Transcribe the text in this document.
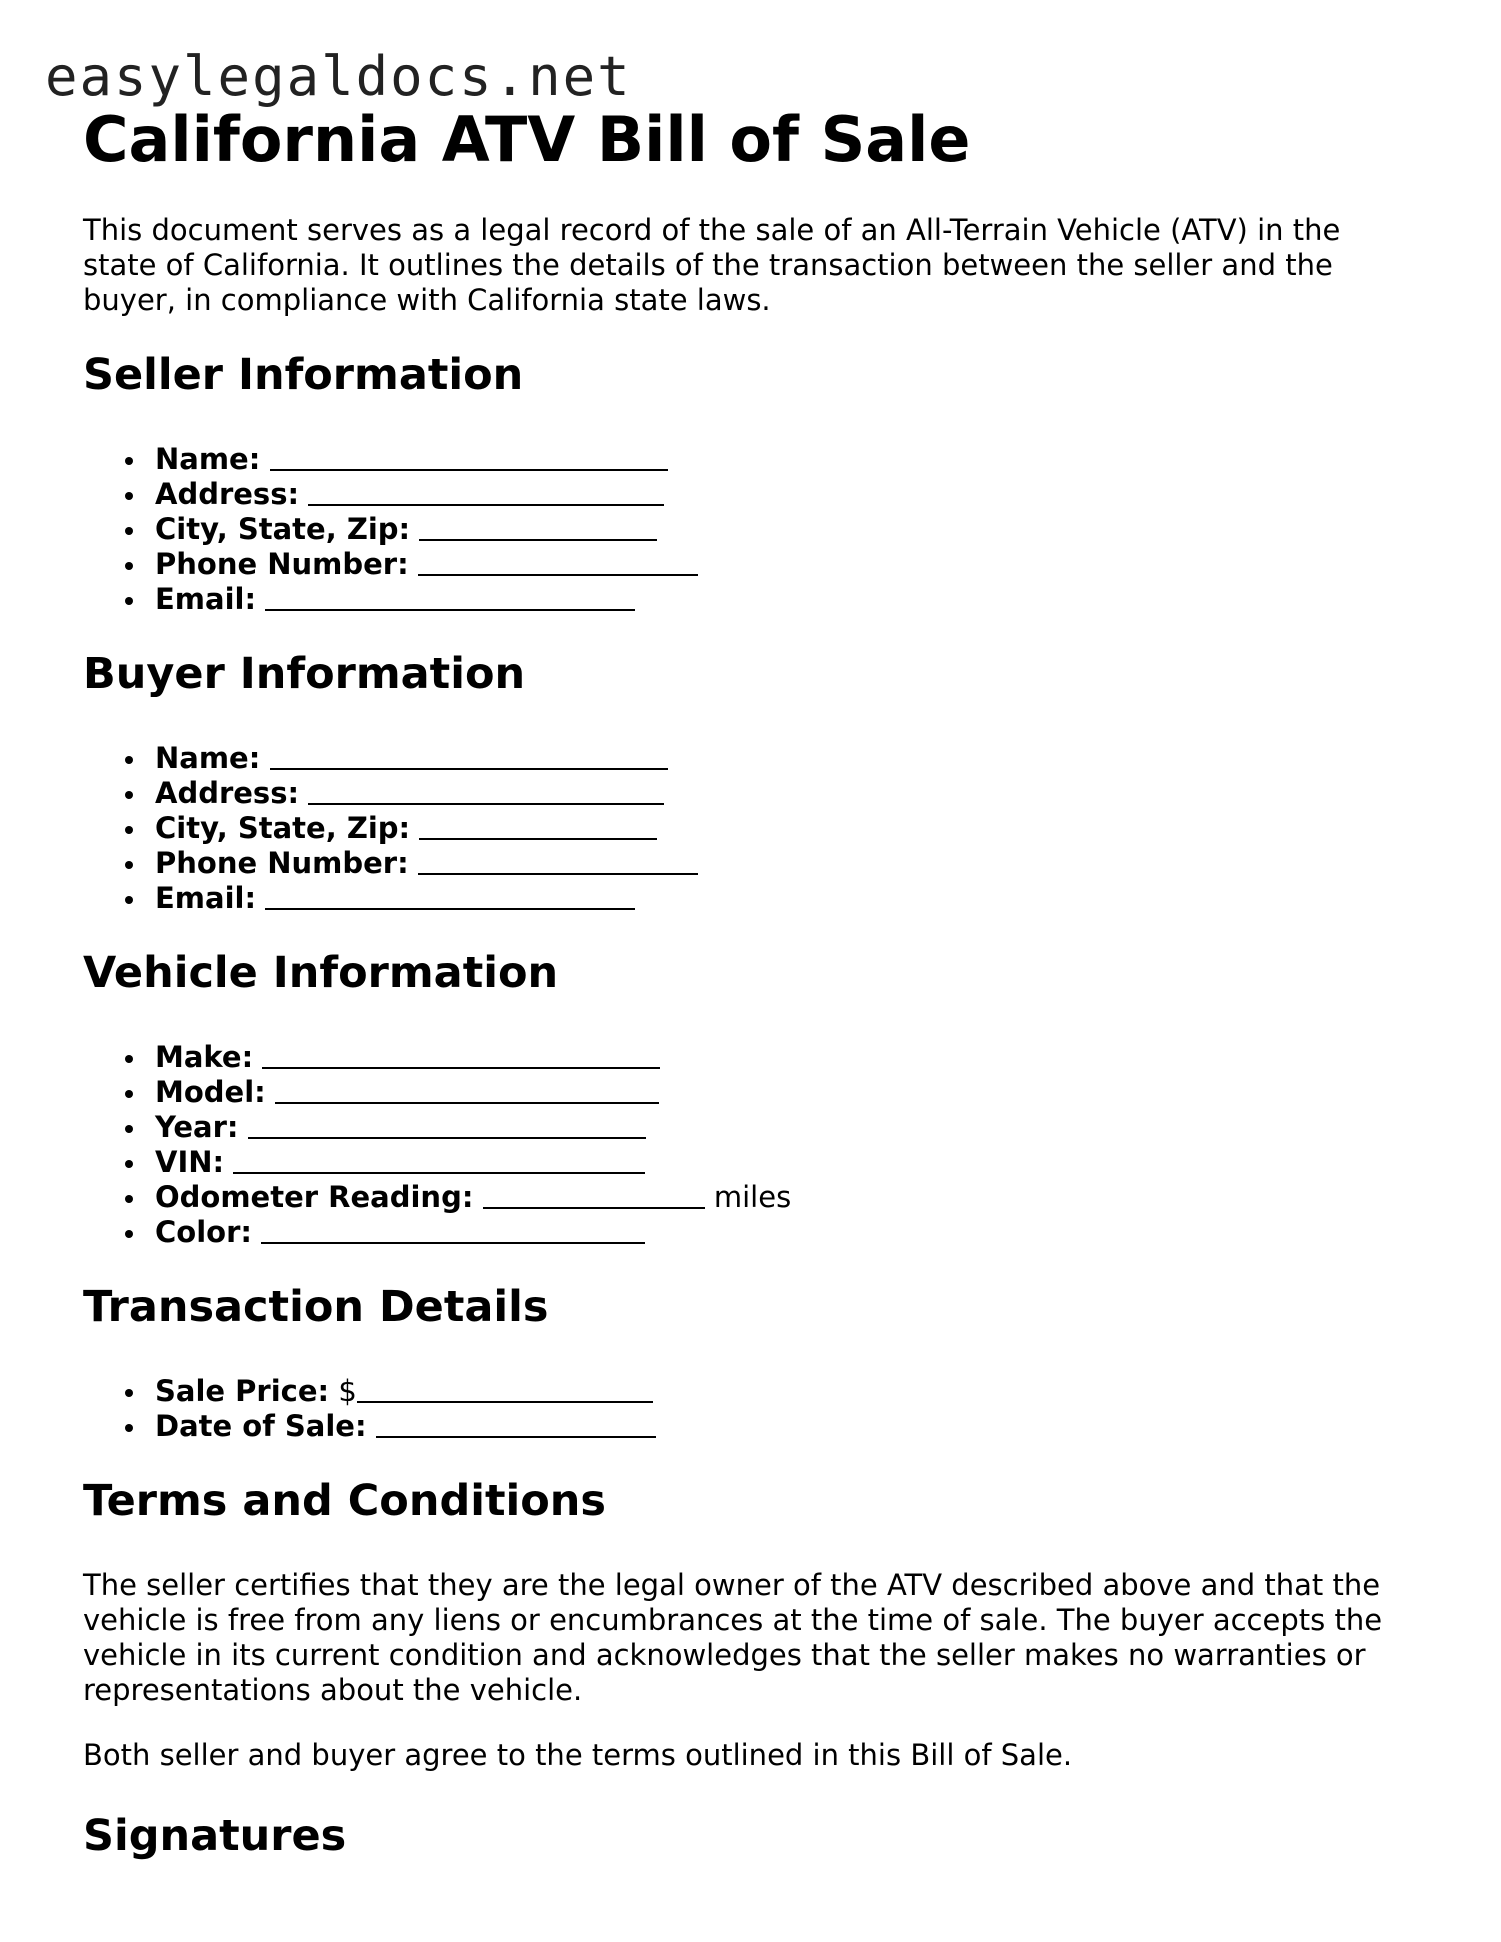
easylegaldocs.net
California ATV Bill of Sale

This document serves as a legal record of the sale of an All-Terrain Vehicle (ATV) in the state of California. It outlines the details of the transaction between the seller and the buyer, in compliance with California state laws.

Seller Information
Name:
Address:
City, State, Zip:
Phone Number:
Email:
Buyer Information
Name:
Address:
City, State, Zip:
Phone Number:
Email:
Vehicle Information
Make:
Model:
Year:
VIN:
Odometer Reading:	miles
Color:
Transaction Details
Sale Price: $
Date of Sale:
Terms and Conditions

The seller certifies that they are the legal owner of the ATV described above and that the vehicle is free from any liens or encumbrances at the time of sale. The buyer accepts the vehicle in its current condition and acknowledges that the seller makes no warranties or representations about the vehicle.

Both seller and buyer agree to the terms outlined in this Bill of Sale.

Signatures
